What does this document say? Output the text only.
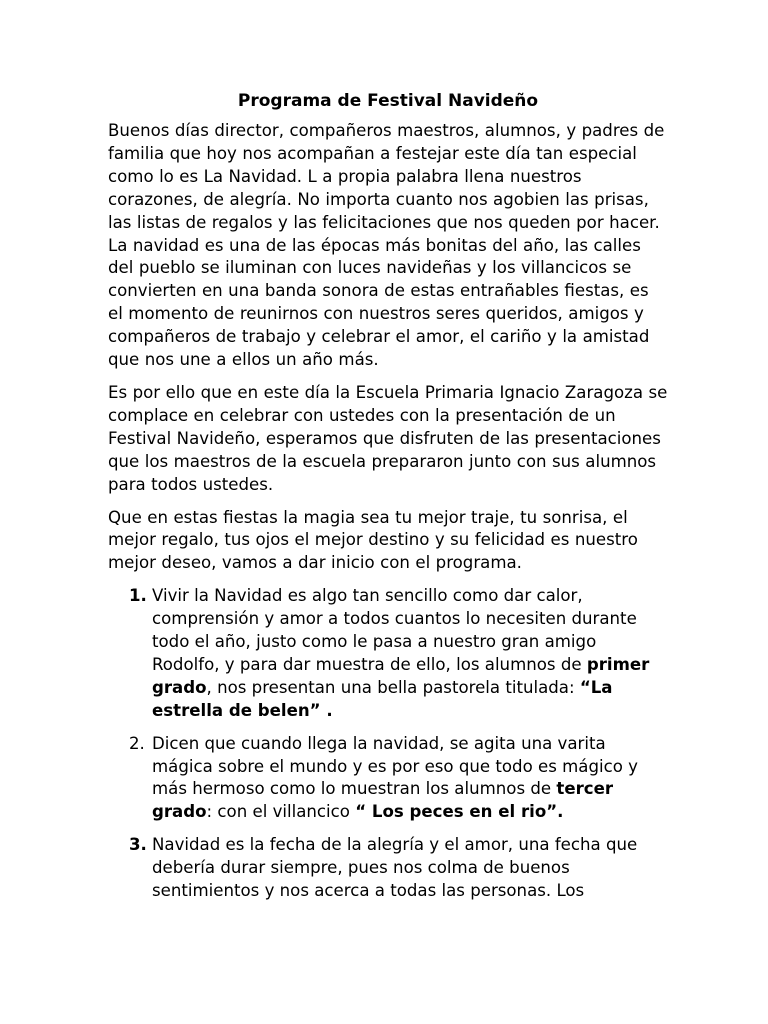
Programa de Festival Navideño

Buenos días director, compañeros maestros, alumnos, y padres de familia que hoy nos acompañan a festejar este día tan especial como lo es La Navidad. L a propia palabra llena nuestros corazones, de alegría. No importa cuanto nos agobien las prisas, las listas de regalos y las felicitaciones que nos queden por hacer. La navidad es una de las épocas más bonitas del año, las calles del pueblo se iluminan con luces navideñas y los villancicos se convierten en una banda sonora de estas entrañables fiestas, es el momento de reunirnos con nuestros seres queridos, amigos y compañeros de trabajo y celebrar el amor, el cariño y la amistad que nos une a ellos un año más.

Es por ello que en este día la Escuela Primaria Ignacio Zaragoza se complace en celebrar con ustedes con la presentación de un Festival Navideño, esperamos que disfruten de las presentaciones que los maestros de la escuela prepararon junto con sus alumnos para todos ustedes.

Que en estas fiestas la magia sea tu mejor traje, tu sonrisa, el mejor regalo, tus ojos el mejor destino y su felicidad es nuestro mejor deseo, vamos a dar inicio con el programa.

1. Vivir la Navidad es algo tan sencillo como dar calor, comprensión y amor a todos cuantos lo necesiten durante todo el año, justo como le pasa a nuestro gran amigo Rodolfo, y para dar muestra de ello, los alumnos de primer grado, nos presentan una bella pastorela titulada: “La estrella de belen” .
2. Dicen que cuando llega la navidad, se agita una varita mágica sobre el mundo y es por eso que todo es mágico y más hermoso como lo muestran los alumnos de tercer grado: con el villancico “ Los peces en el rio”.
3. Navidad es la fecha de la alegría y el amor, una fecha que debería durar siempre, pues nos colma de buenos sentimientos y nos acerca a todas las personas. Los
